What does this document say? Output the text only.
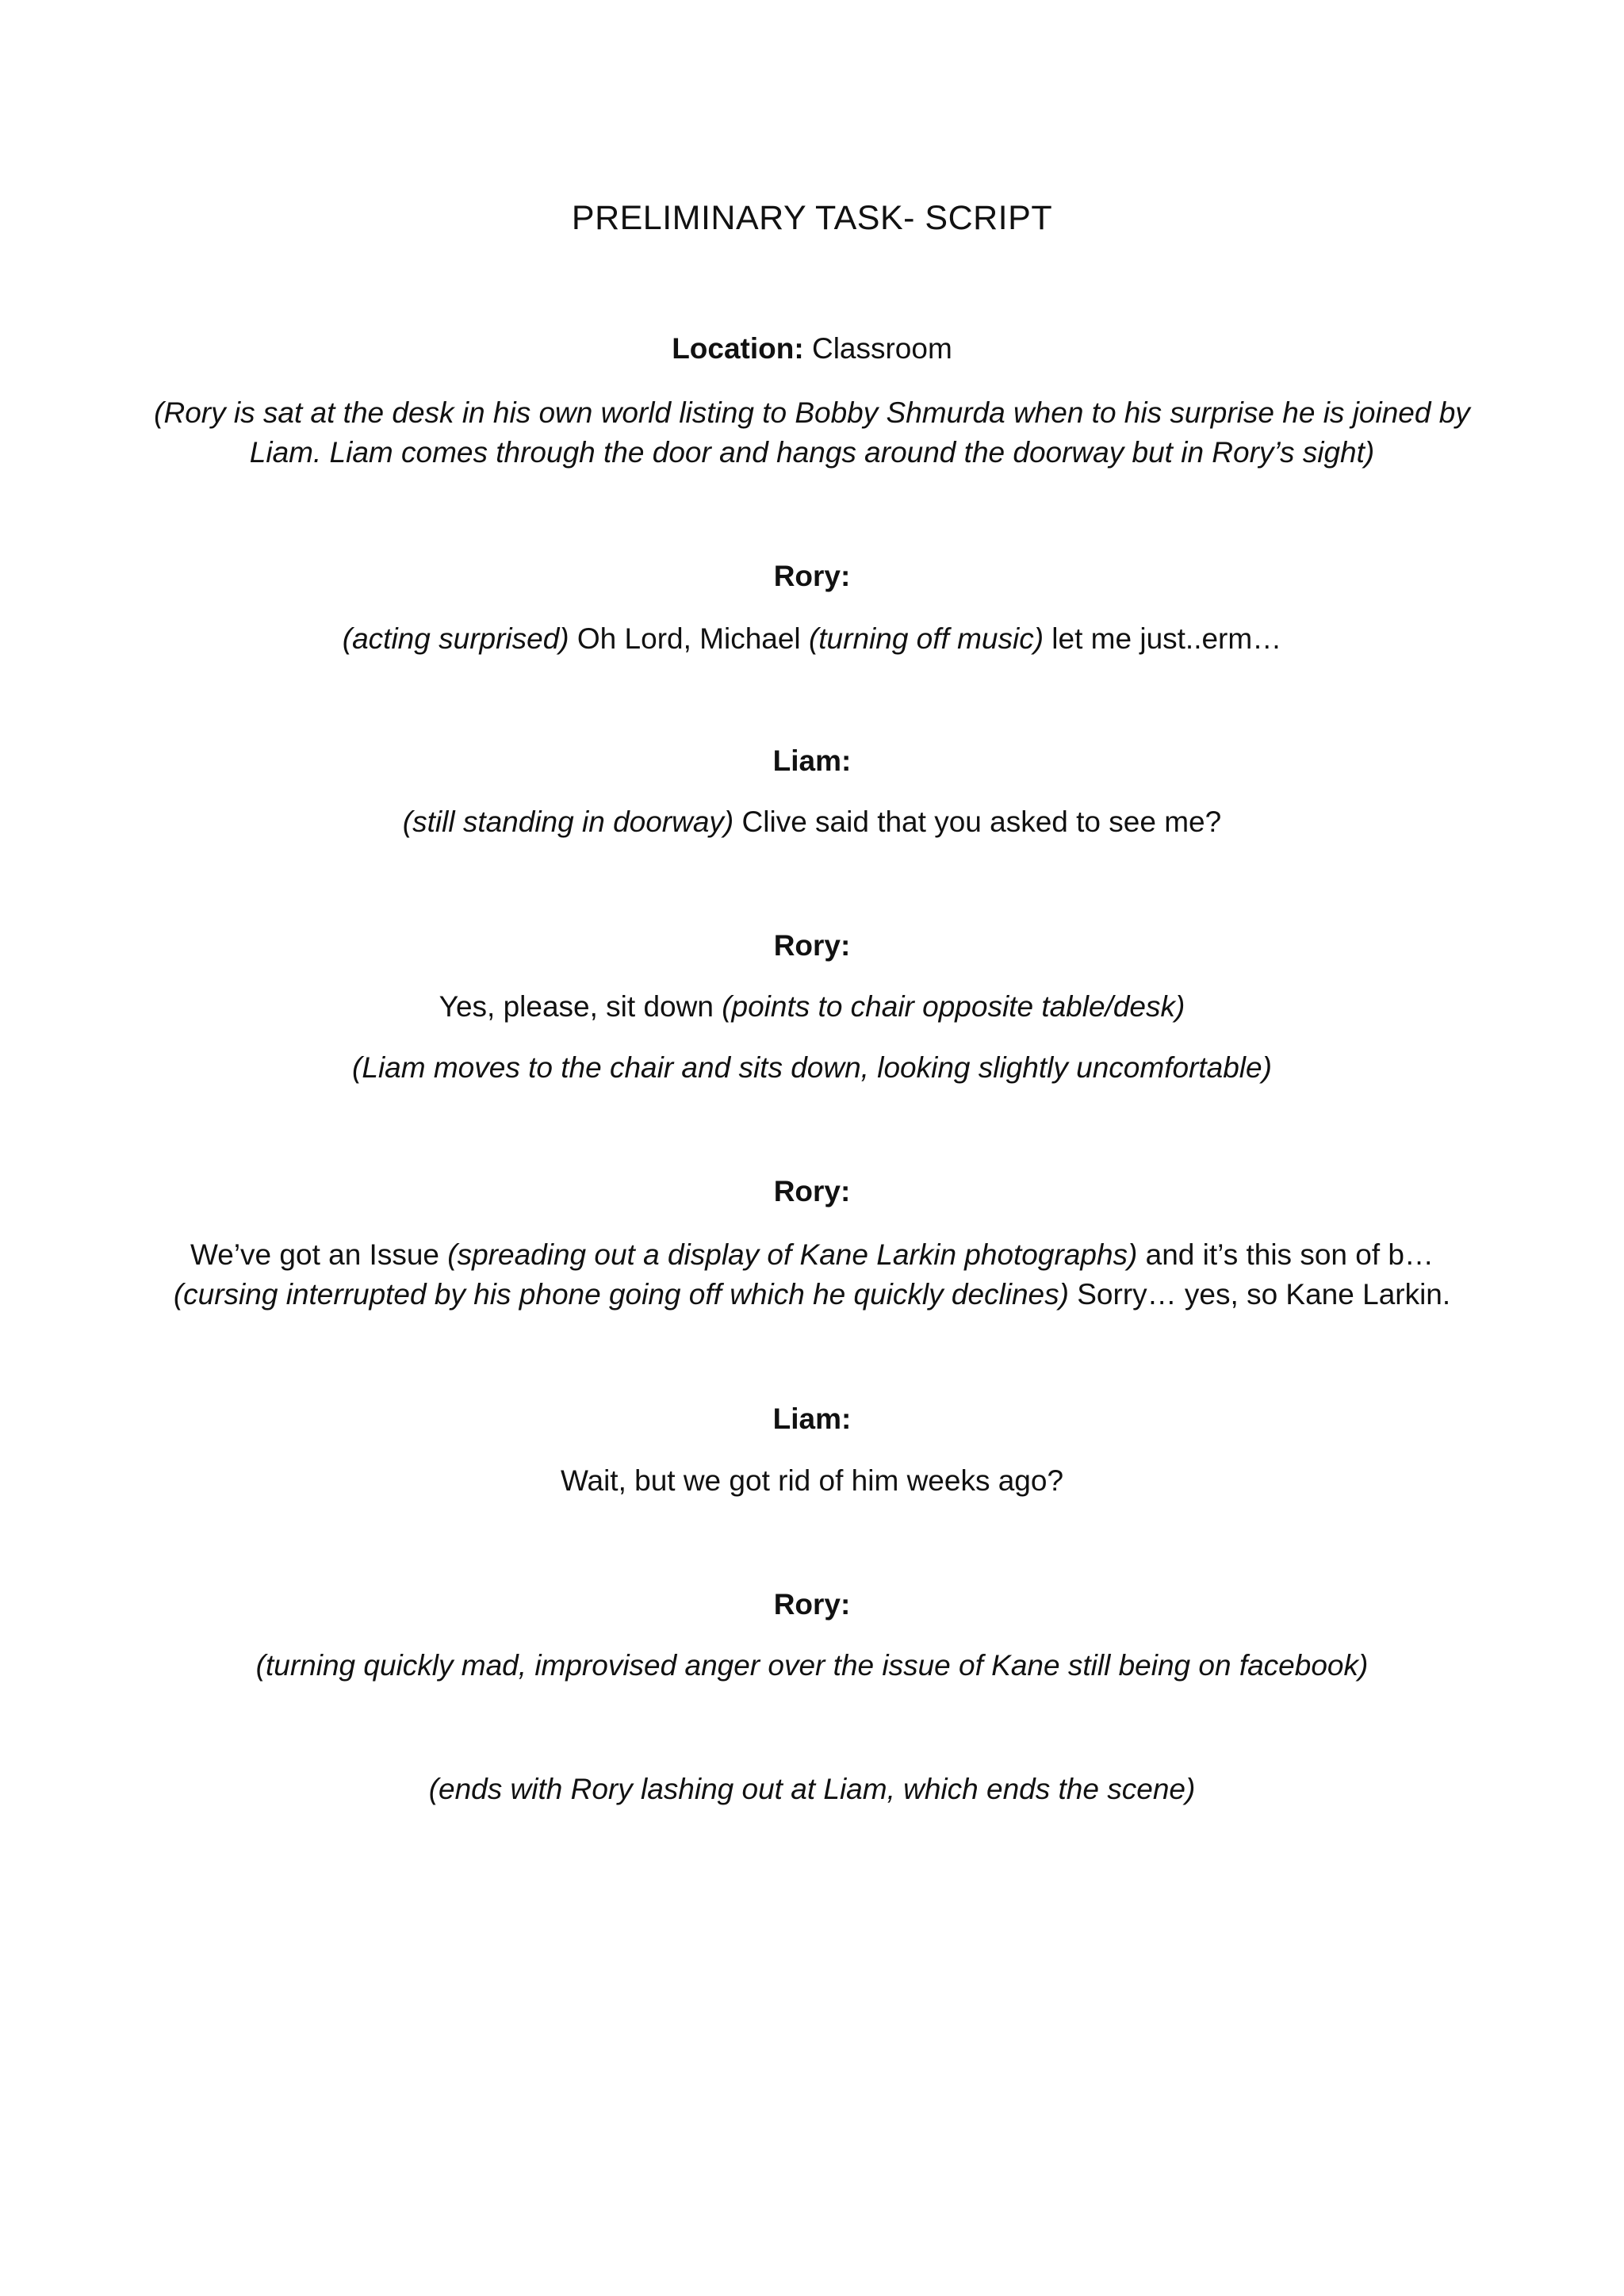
PRELIMINARY TASK- SCRIPT
Location: Classroom
(Rory is sat at the desk in his own world listing to Bobby Shmurda when to his surprise he is joined by
Liam. Liam comes through the door and hangs around the doorway but in Rory’s sight)
Rory:
(acting surprised) Oh Lord, Michael (turning off music) let me just..erm…
Liam:
(still standing in doorway) Clive said that you asked to see me?
Rory:
Yes, please, sit down (points to chair opposite table/desk)
(Liam moves to the chair and sits down, looking slightly uncomfortable)
Rory:
We’ve got an Issue (spreading out a display of Kane Larkin photographs) and it’s this son of b…
(cursing interrupted by his phone going off which he quickly declines) Sorry… yes, so Kane Larkin.
Liam:
Wait, but we got rid of him weeks ago?
Rory:
(turning quickly mad, improvised anger over the issue of Kane still being on facebook)
(ends with Rory lashing out at Liam, which ends the scene)
